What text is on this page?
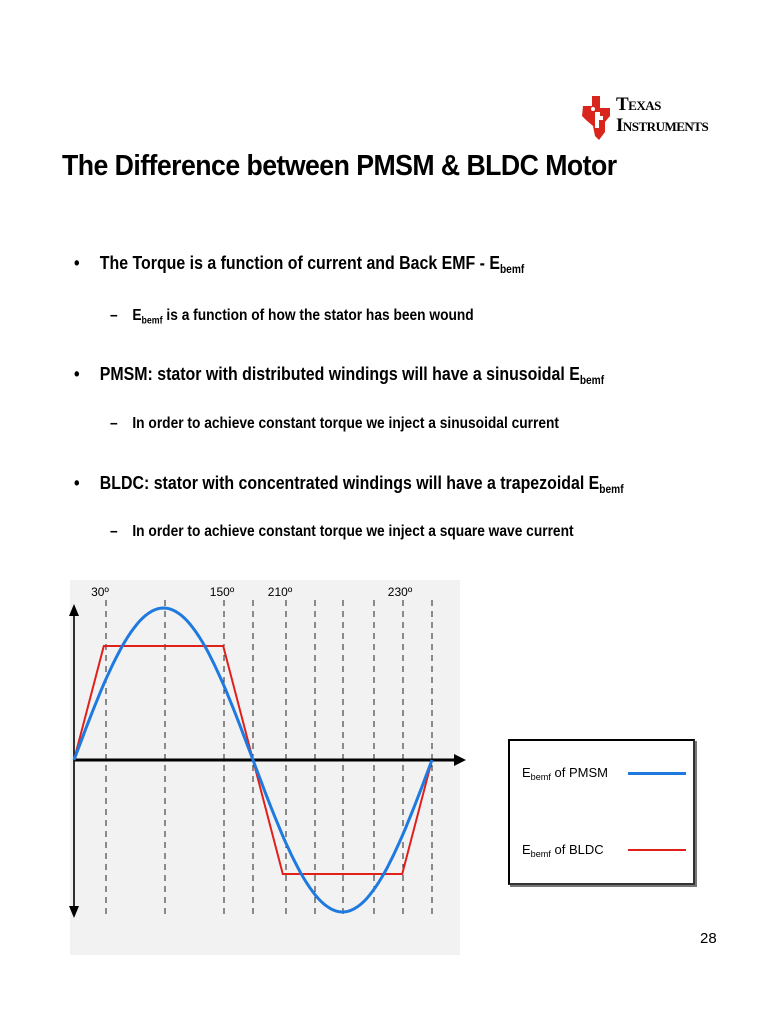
Texas
Instruments
The Difference between PMSM & BLDC Motor
• The Torque is a function of current and Back EMF - $E_{bemf}$
– $E_{bemf}$ is a function of how the stator has been wound
• PMSM: stator with distributed windings will have a sinusoidal $E_{bemf}$
– In order to achieve constant torque we inject a sinusoidal current
• BLDC: stator with concentrated windings will have a trapezoidal $E_{bemf}$
– In order to achieve constant torque we inject a square wave current
30º	150º	210º	230º
$E_{bemf}$ of PMSM
$E_{bemf}$ of BLDC
28
